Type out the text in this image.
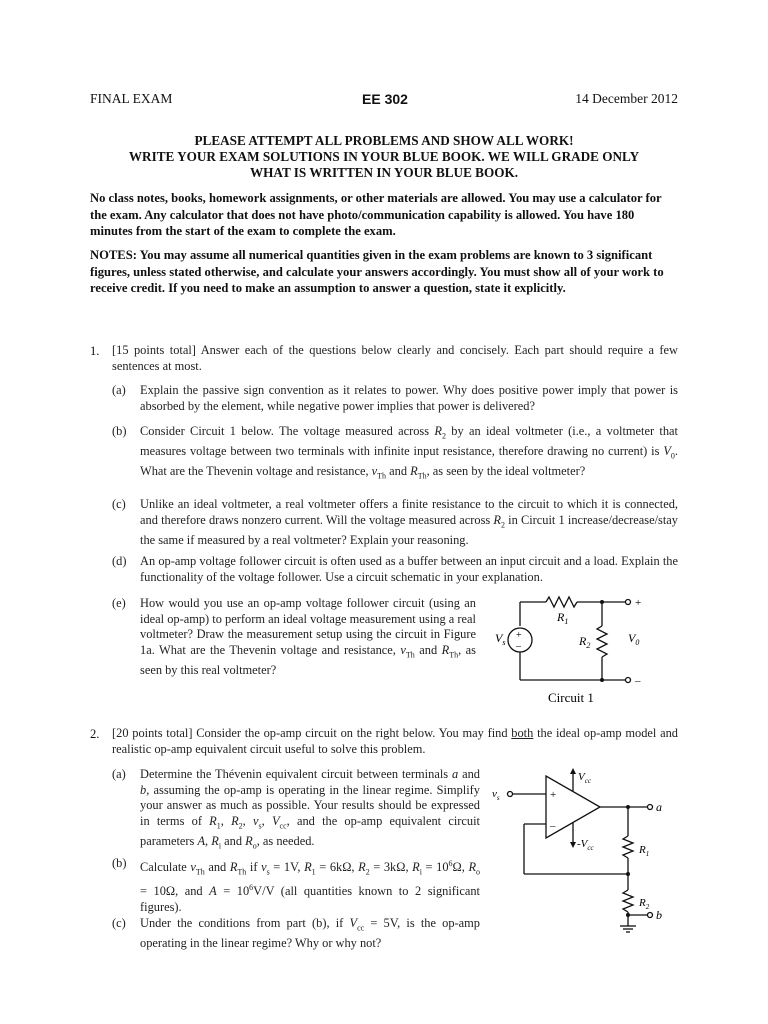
FINAL EXAM	EE 302	14 December 2012
PLEASE ATTEMPT ALL PROBLEMS AND SHOW ALL WORK!
WRITE YOUR EXAM SOLUTIONS IN YOUR BLUE BOOK. WE WILL GRADE ONLY
WHAT IS WRITTEN IN YOUR BLUE BOOK.
No class notes, books, homework assignments, or other materials are allowed. You may use a calculator for the exam. Any calculator that does not have photo/communication capability is allowed. You have 180 minutes from the start of the exam to complete the exam.
NOTES: You may assume all numerical quantities given in the exam problems are known to 3 significant figures, unless stated otherwise, and calculate your answers accordingly. You must show all of your work to receive credit. If you need to make an assumption to answer a question, state it explicitly.
1. [15 points total] Answer each of the questions below clearly and concisely. Each part should require a few sentences at most.
(a)	Explain the passive sign convention as it relates to power. Why does positive power imply that power is absorbed by the element, while negative power implies that power is delivered?
(b)	Consider Circuit 1 below. The voltage measured across $R_2$ by an ideal voltmeter (i.e., a voltmeter that measures voltage between two terminals with infinite input resistance, therefore drawing no current) is $V_0$. What are the Thevenin voltage and resistance, $v_{Th}$ and $R_{Th}$, as seen by the ideal voltmeter?
(c)	Unlike an ideal voltmeter, a real voltmeter offers a finite resistance to the circuit to which it is connected, and therefore draws nonzero current. Will the voltage measured across $R_2$ in Circuit 1 increase/decrease/stay the same if measured by a real voltmeter? Explain your reasoning.
(d)	An op-amp voltage follower circuit is often used as a buffer between an input circuit and a load. Explain the functionality of the voltage follower. Use a circuit schematic in your explanation.
(e)	How would you use an op-amp voltage follower circuit (using an ideal op-amp) to perform an ideal voltage measurement using a real voltmeter? Draw the measurement setup using the circuit in Figure 1a. What are the Thevenin voltage and resistance, $v_{Th}$ and $R_{Th}$, as seen by this real voltmeter?
+
–
$V_s$
$R_1$
$R_2$
$V_0$
+
–
Circuit 1
2. [20 points total] Consider the op-amp circuit on the right below. You may find both the ideal op-amp model and realistic op-amp equivalent circuit useful to solve this problem.
(a)	Determine the Thévenin equivalent circuit between terminals a and b, assuming the op-amp is operating in the linear regime. Simplify your answer as much as possible. Your results should be expressed in terms of $R_1$, $R_2$, $v_s$, $V_{cc}$, and the op-amp equivalent circuit parameters A, $R_i$ and $R_o$, as needed.
(b)	Calculate $v_{Th}$ and $R_{Th}$ if $v_s = 1V$, $R_1 = 6k\Omega$, $R_2 = 3k\Omega$, $R_i = 10^6\Omega$, $R_o = 10\Omega$, and $A = 10^6V/V$ (all quantities known to 2 significant figures).
(c)	Under the conditions from part (b), if $V_{cc} = 5V$, is the op-amp operating in the linear regime? Why or why not?
+
–
$v_s$
$V_{cc}$
$-V_{cc}$
a
b
$R_1$
$R_2$
